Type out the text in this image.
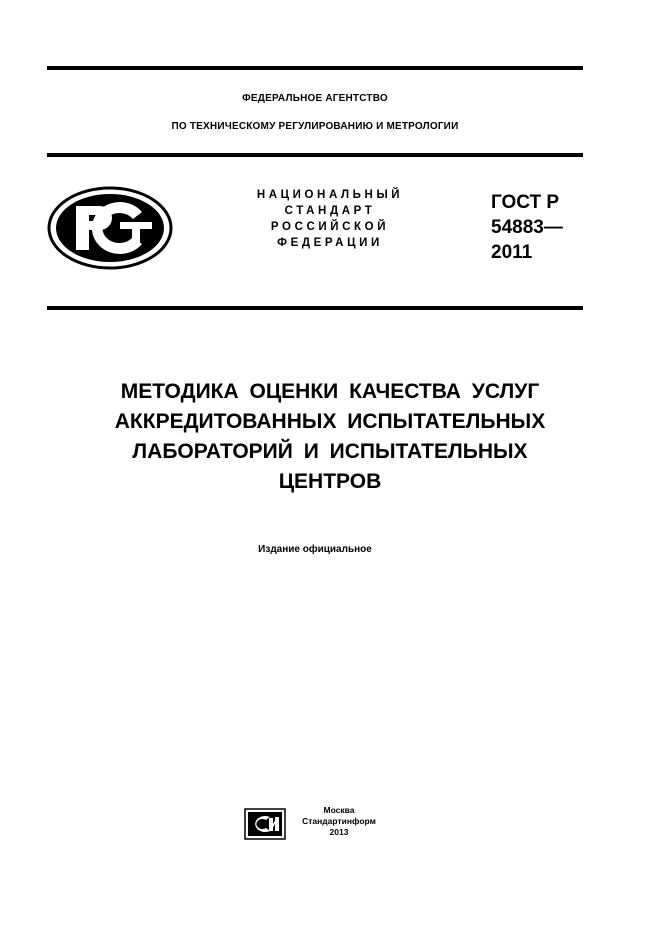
ФЕДЕРАЛЬНОЕ АГЕНТСТВО
ПО ТЕХНИЧЕСКОМУ РЕГУЛИРОВАНИЮ И МЕТРОЛОГИИ
НАЦИОНАЛЬНЫЙ
СТАНДАРТ
РОССИЙСКОЙ
ФЕДЕРАЦИИ
ГОСТ Р
54883—
2011
МЕТОДИКА ОЦЕНКИ КАЧЕСТВА УСЛУГ
АККРЕДИТОВАННЫХ ИСПЫТАТЕЛЬНЫХ
ЛАБОРАТОРИЙ И ИСПЫТАТЕЛЬНЫХ
ЦЕНТРОВ
Издание официальное
Москва
Стандартинформ
2013
